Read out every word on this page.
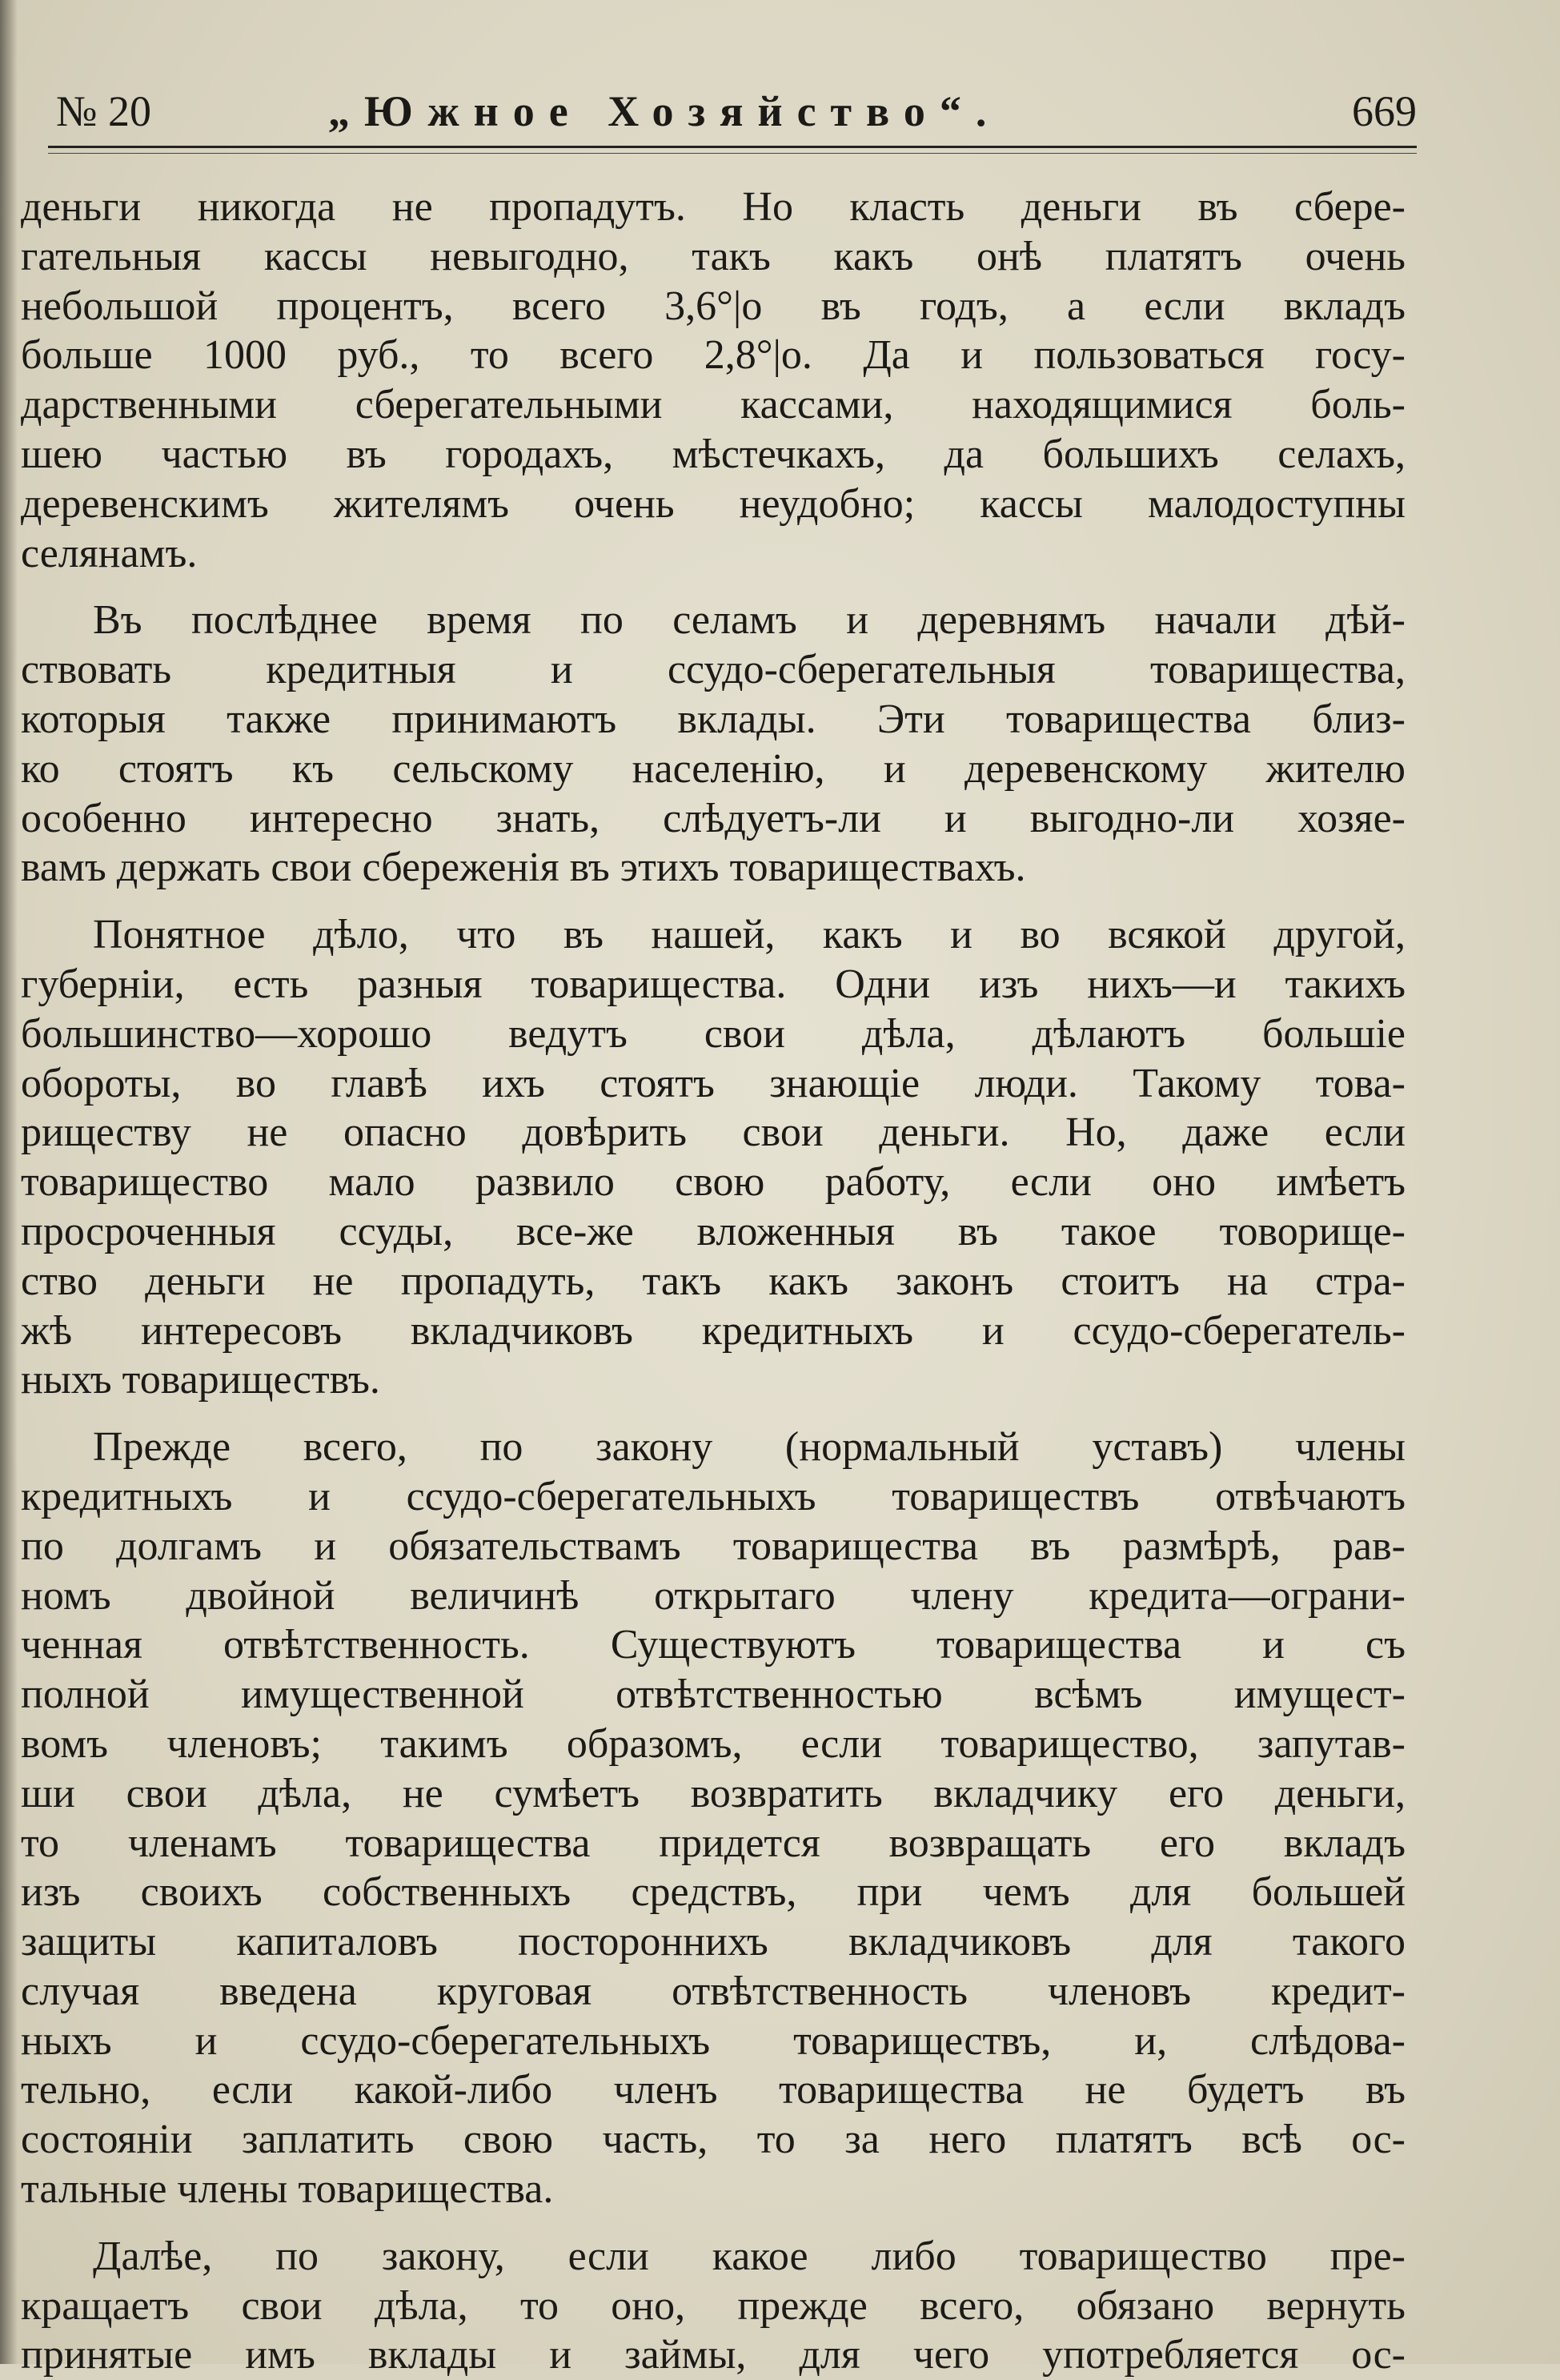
№ 20	„Южное Хозяйство“.	669
деньги никогда не пропадутъ. Но класть деньги въ сбере-
гательныя кассы невыгодно, такъ какъ онѣ платятъ очень
небольшой процентъ, всего 3,6°|o въ годъ, а если вкладъ
больше 1000 руб., то всего 2,8°|o. Да и пользоваться госу-
дарственными сберегательными кассами, находящимися боль-
шею частью въ городахъ, мѣстечкахъ, да большихъ селахъ,
деревенскимъ жителямъ очень неудобно; кассы малодоступны
селянамъ.
Въ послѣднее время по селамъ и деревнямъ начали дѣй-
ствовать кредитныя и ссудо-сберегательныя товарищества,
которыя также принимаютъ вклады. Эти товарищества близ-
ко стоятъ къ сельскому населенію, и деревенскому жителю
особенно интересно знать, слѣдуетъ-ли и выгодно-ли хозяе-
вамъ держать свои сбереженія въ этихъ товариществахъ.
Понятное дѣло, что въ нашей, какъ и во всякой другой,
губерніи, есть разныя товарищества. Одни изъ нихъ—и такихъ
большинство—хорошо ведутъ свои дѣла, дѣлаютъ большіе
обороты, во главѣ ихъ стоятъ знающіе люди. Такому това-
риществу не опасно довѣрить свои деньги. Но, даже если
товарищество мало развило свою работу, если оно имѣетъ
просроченныя ссуды, все-же вложенныя въ такое товорище-
ство деньги не пропадуть, такъ какъ законъ стоитъ на стра-
жѣ интересовъ вкладчиковъ кредитныхъ и ссудо-сберегатель-
ныхъ товариществъ.
Прежде всего, по закону (нормальный уставъ) члены
кредитныхъ и ссудо-сберегательныхъ товариществъ отвѣчаютъ
по долгамъ и обязательствамъ товарищества въ размѣрѣ, рав-
номъ двойной величинѣ открытаго члену кредита—ограни-
ченная отвѣтственность. Существуютъ товарищества и съ
полной имущественной отвѣтственностью всѣмъ имущест-
вомъ членовъ; такимъ образомъ, если товарищество, запутав-
ши свои дѣла, не сумѣетъ возвратить вкладчику его деньги,
то членамъ товарищества придется возвращать его вкладъ
изъ своихъ собственныхъ средствъ, при чемъ для большей
защиты капиталовъ постороннихъ вкладчиковъ для такого
случая введена круговая отвѣтственность членовъ кредит-
ныхъ и ссудо-сберегательныхъ товариществъ, и, слѣдова-
тельно, если какой-либо членъ товарищества не будетъ въ
состояніи заплатить свою часть, то за него платятъ всѣ ос-
тальные члены товарищества.
Далѣе, по закону, если какое либо товарищество пре-
кращаетъ свои дѣла, то оно, прежде всего, обязано вернуть
принятые имъ вклады и займы, для чего употребляется ос-
